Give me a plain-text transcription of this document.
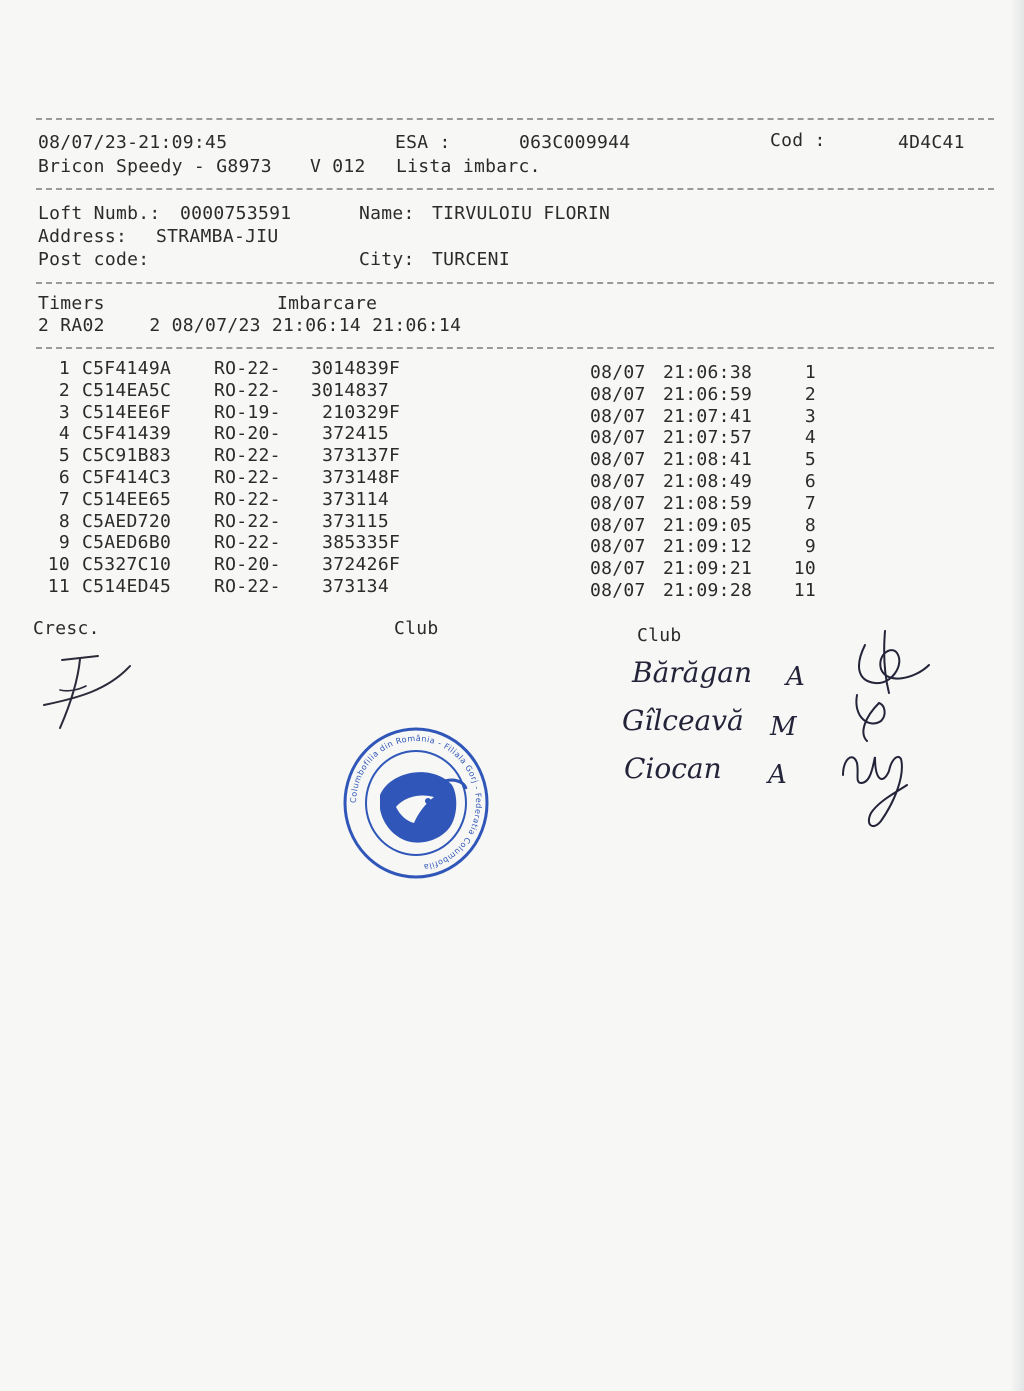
08/07/23-21:09:45	ESA :	063C009944	Cod :	4D4C41
Bricon Speedy - G8973 V 012 Lista imbarc.
Loft Numb.: 0000753591	Name: TIRVULOIU FLORIN
Address: STRAMBA-JIU
Post code:	City: TURCENI
Timers	Imbarcare
2 RA02    2 08/07/23 21:06:14 21:06:14
1 C5F4149A RO-22- 3014839F	08/07 21:06:38	1
2 C514EA5C RO-22- 3014837	08/07 21:06:59	2
3 C514EE6F RO-19- 210329F	08/07 21:07:41	3
4 C5F41439 RO-20- 372415	08/07 21:07:57	4
5 C5C91B83 RO-22- 373137F	08/07 21:08:41	5
6 C5F414C3 RO-22- 373148F	08/07 21:08:49	6
7 C514EE65 RO-22- 373114	08/07 21:08:59	7
8 C5AED720 RO-22- 373115	08/07 21:09:05	8
9 C5AED6B0 RO-22- 385335F	08/07 21:09:12	9
10 C5327C10 RO-20- 372426F	08/07 21:09:21 10
11 C514ED45 RO-22- 373134	08/07 21:09:28 11
Cresc.	Club	Club
Columbofilia din România - Filiala Gorj - Federatia Columbofila
Bărăgan A
Gîlceavă M
Ciocan A
